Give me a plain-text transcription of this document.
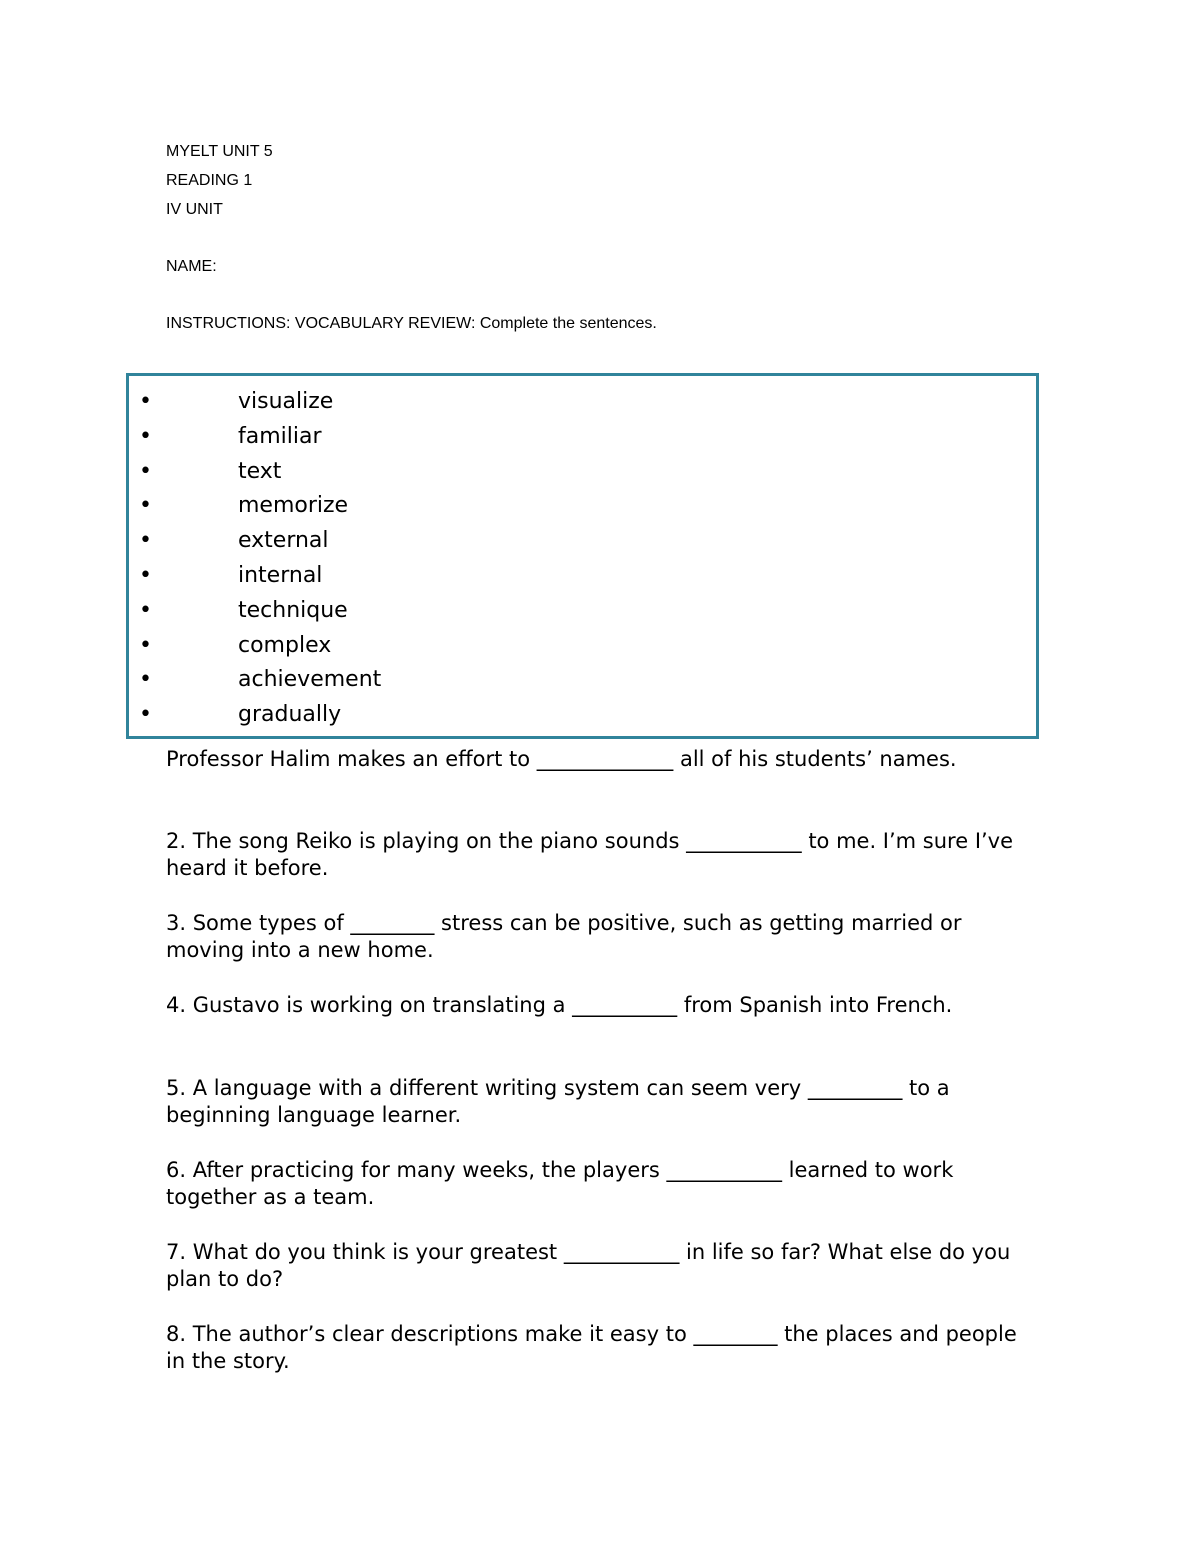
MYELT UNIT 5
READING 1
IV UNIT
NAME:
INSTRUCTIONS: VOCABULARY REVIEW: Complete the sentences.
•	visualize
•	familiar
•	text
•	memorize
•	external
•	internal
•	technique
•	complex
•	achievement
•	gradually
Professor Halim makes an effort to _____________ all of his students’ names.
2. The song Reiko is playing on the piano sounds ___________ to me. I’m sure I’ve heard it before.
3. Some types of ________ stress can be positive, such as getting married or moving into a new home.
4. Gustavo is working on translating a __________ from Spanish into French.
5. A language with a different writing system can seem very _________ to a beginning language learner.
6. After practicing for many weeks, the players ___________ learned to work together as a team.
7. What do you think is your greatest ___________ in life so far? What else do you plan to do?
8. The author’s clear descriptions make it easy to ________ the places and people in the story.
